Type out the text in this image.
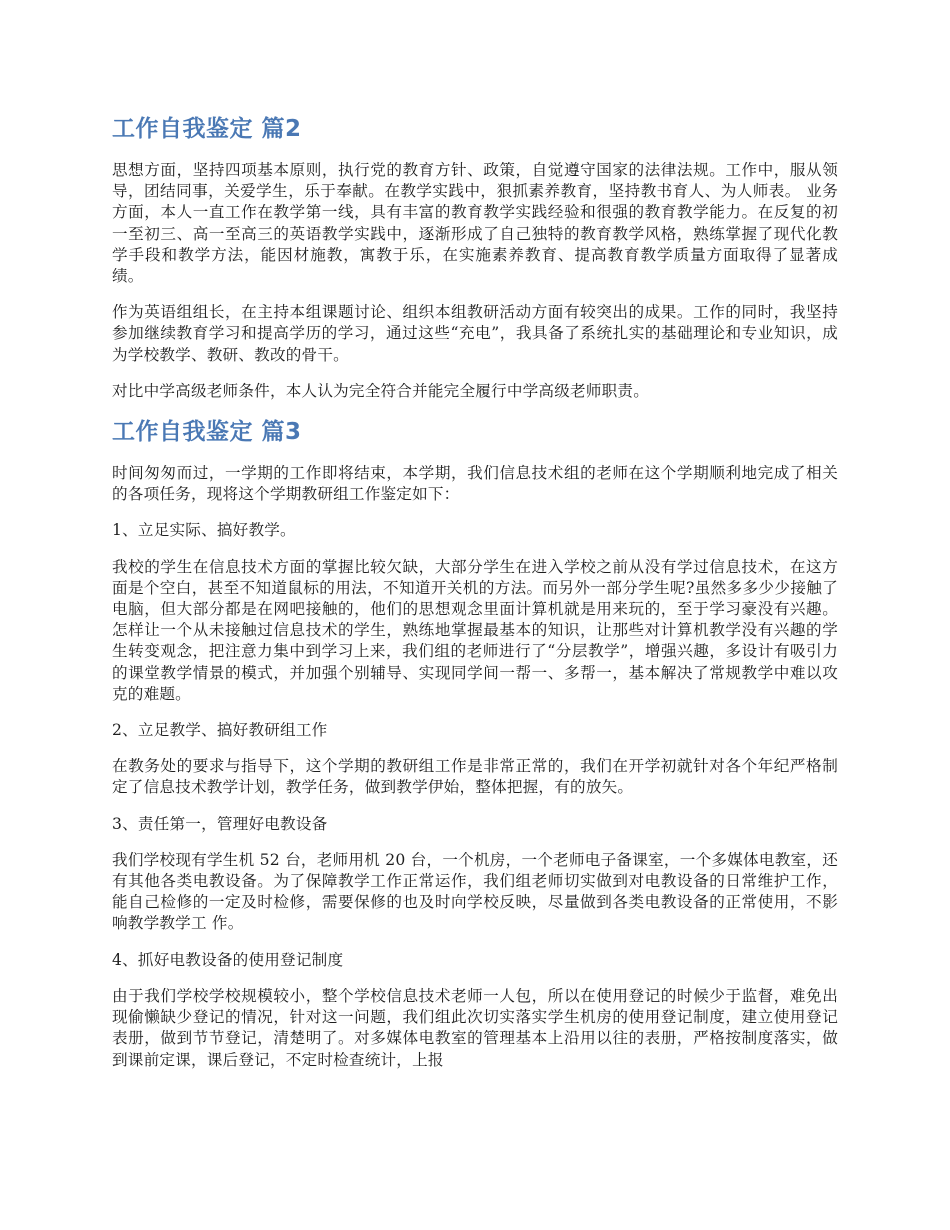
工作自我鉴定 篇2

思想方面，坚持四项基本原则，执行党的教育方针、政策，自觉遵守国家的法律法规。工作中，服从领导，团结同事，关爱学生，乐于奉献。在教学实践中，狠抓素养教育，坚持教书育人、为人师表。 业务方面，本人一直工作在教学第一线，具有丰富的教育教学实践经验和很强的教育教学能力。在反复的初一至初三、高一至高三的英语教学实践中，逐渐形成了自己独特的教育教学风格，熟练掌握了现代化教学手段和教学方法，能因材施教，寓教于乐，在实施素养教育、提高教育教学质量方面取得了显著成绩。

作为英语组组长，在主持本组课题讨论、组织本组教研活动方面有较突出的成果。工作的同时，我坚持参加继续教育学习和提高学历的学习，通过这些“充电”，我具备了系统扎实的基础理论和专业知识，成为学校教学、教研、教改的骨干。

对比中学高级老师条件，本人认为完全符合并能完全履行中学高级老师职责。

工作自我鉴定 篇3

时间匆匆而过，一学期的工作即将结束，本学期，我们信息技术组的老师在这个学期顺利地完成了相关的各项任务，现将这个学期教研组工作鉴定如下：

1、立足实际、搞好教学。

我校的学生在信息技术方面的掌握比较欠缺，大部分学生在进入学校之前从没有学过信息技术，在这方面是个空白，甚至不知道鼠标的用法，不知道开关机的方法。而另外一部分学生呢?虽然多多少少接触了电脑，但大部分都是在网吧接触的，他们的思想观念里面计算机就是用来玩的，至于学习豪没有兴趣。怎样让一个从未接触过信息技术的学生，熟练地掌握最基本的知识，让那些对计算机教学没有兴趣的学生转变观念，把注意力集中到学习上来，我们组的老师进行了“分层教学”，增强兴趣，多设计有吸引力的课堂教学情景的模式，并加强个别辅导、实现同学间一帮一、多帮一，基本解决了常规教学中难以攻克的难题。

2、立足教学、搞好教研组工作

在教务处的要求与指导下，这个学期的教研组工作是非常正常的，我们在开学初就针对各个年纪严格制定了信息技术教学计划，教学任务，做到教学伊始，整体把握，有的放矢。

3、责任第一，管理好电教设备

我们学校现有学生机 52 台，老师用机 20 台，一个机房，一个老师电子备课室，一个多媒体电教室，还有其他各类电教设备。为了保障教学工作正常运作，我们组老师切实做到对电教设备的日常维护工作，能自己检修的一定及时检修，需要保修的也及时向学校反映，尽量做到各类电教设备的正常使用，不影响教学教学工 作。

4、抓好电教设备的使用登记制度

由于我们学校学校规模较小，整个学校信息技术老师一人包，所以在使用登记的时候少于监督，难免出现偷懒缺少登记的情况，针对这一问题，我们组此次切实落实学生机房的使用登记制度，建立使用登记表册，做到节节登记，清楚明了。对多媒体电教室的管理基本上沿用以往的表册，严格按制度落实，做到课前定课，课后登记，不定时检查统计，上报
